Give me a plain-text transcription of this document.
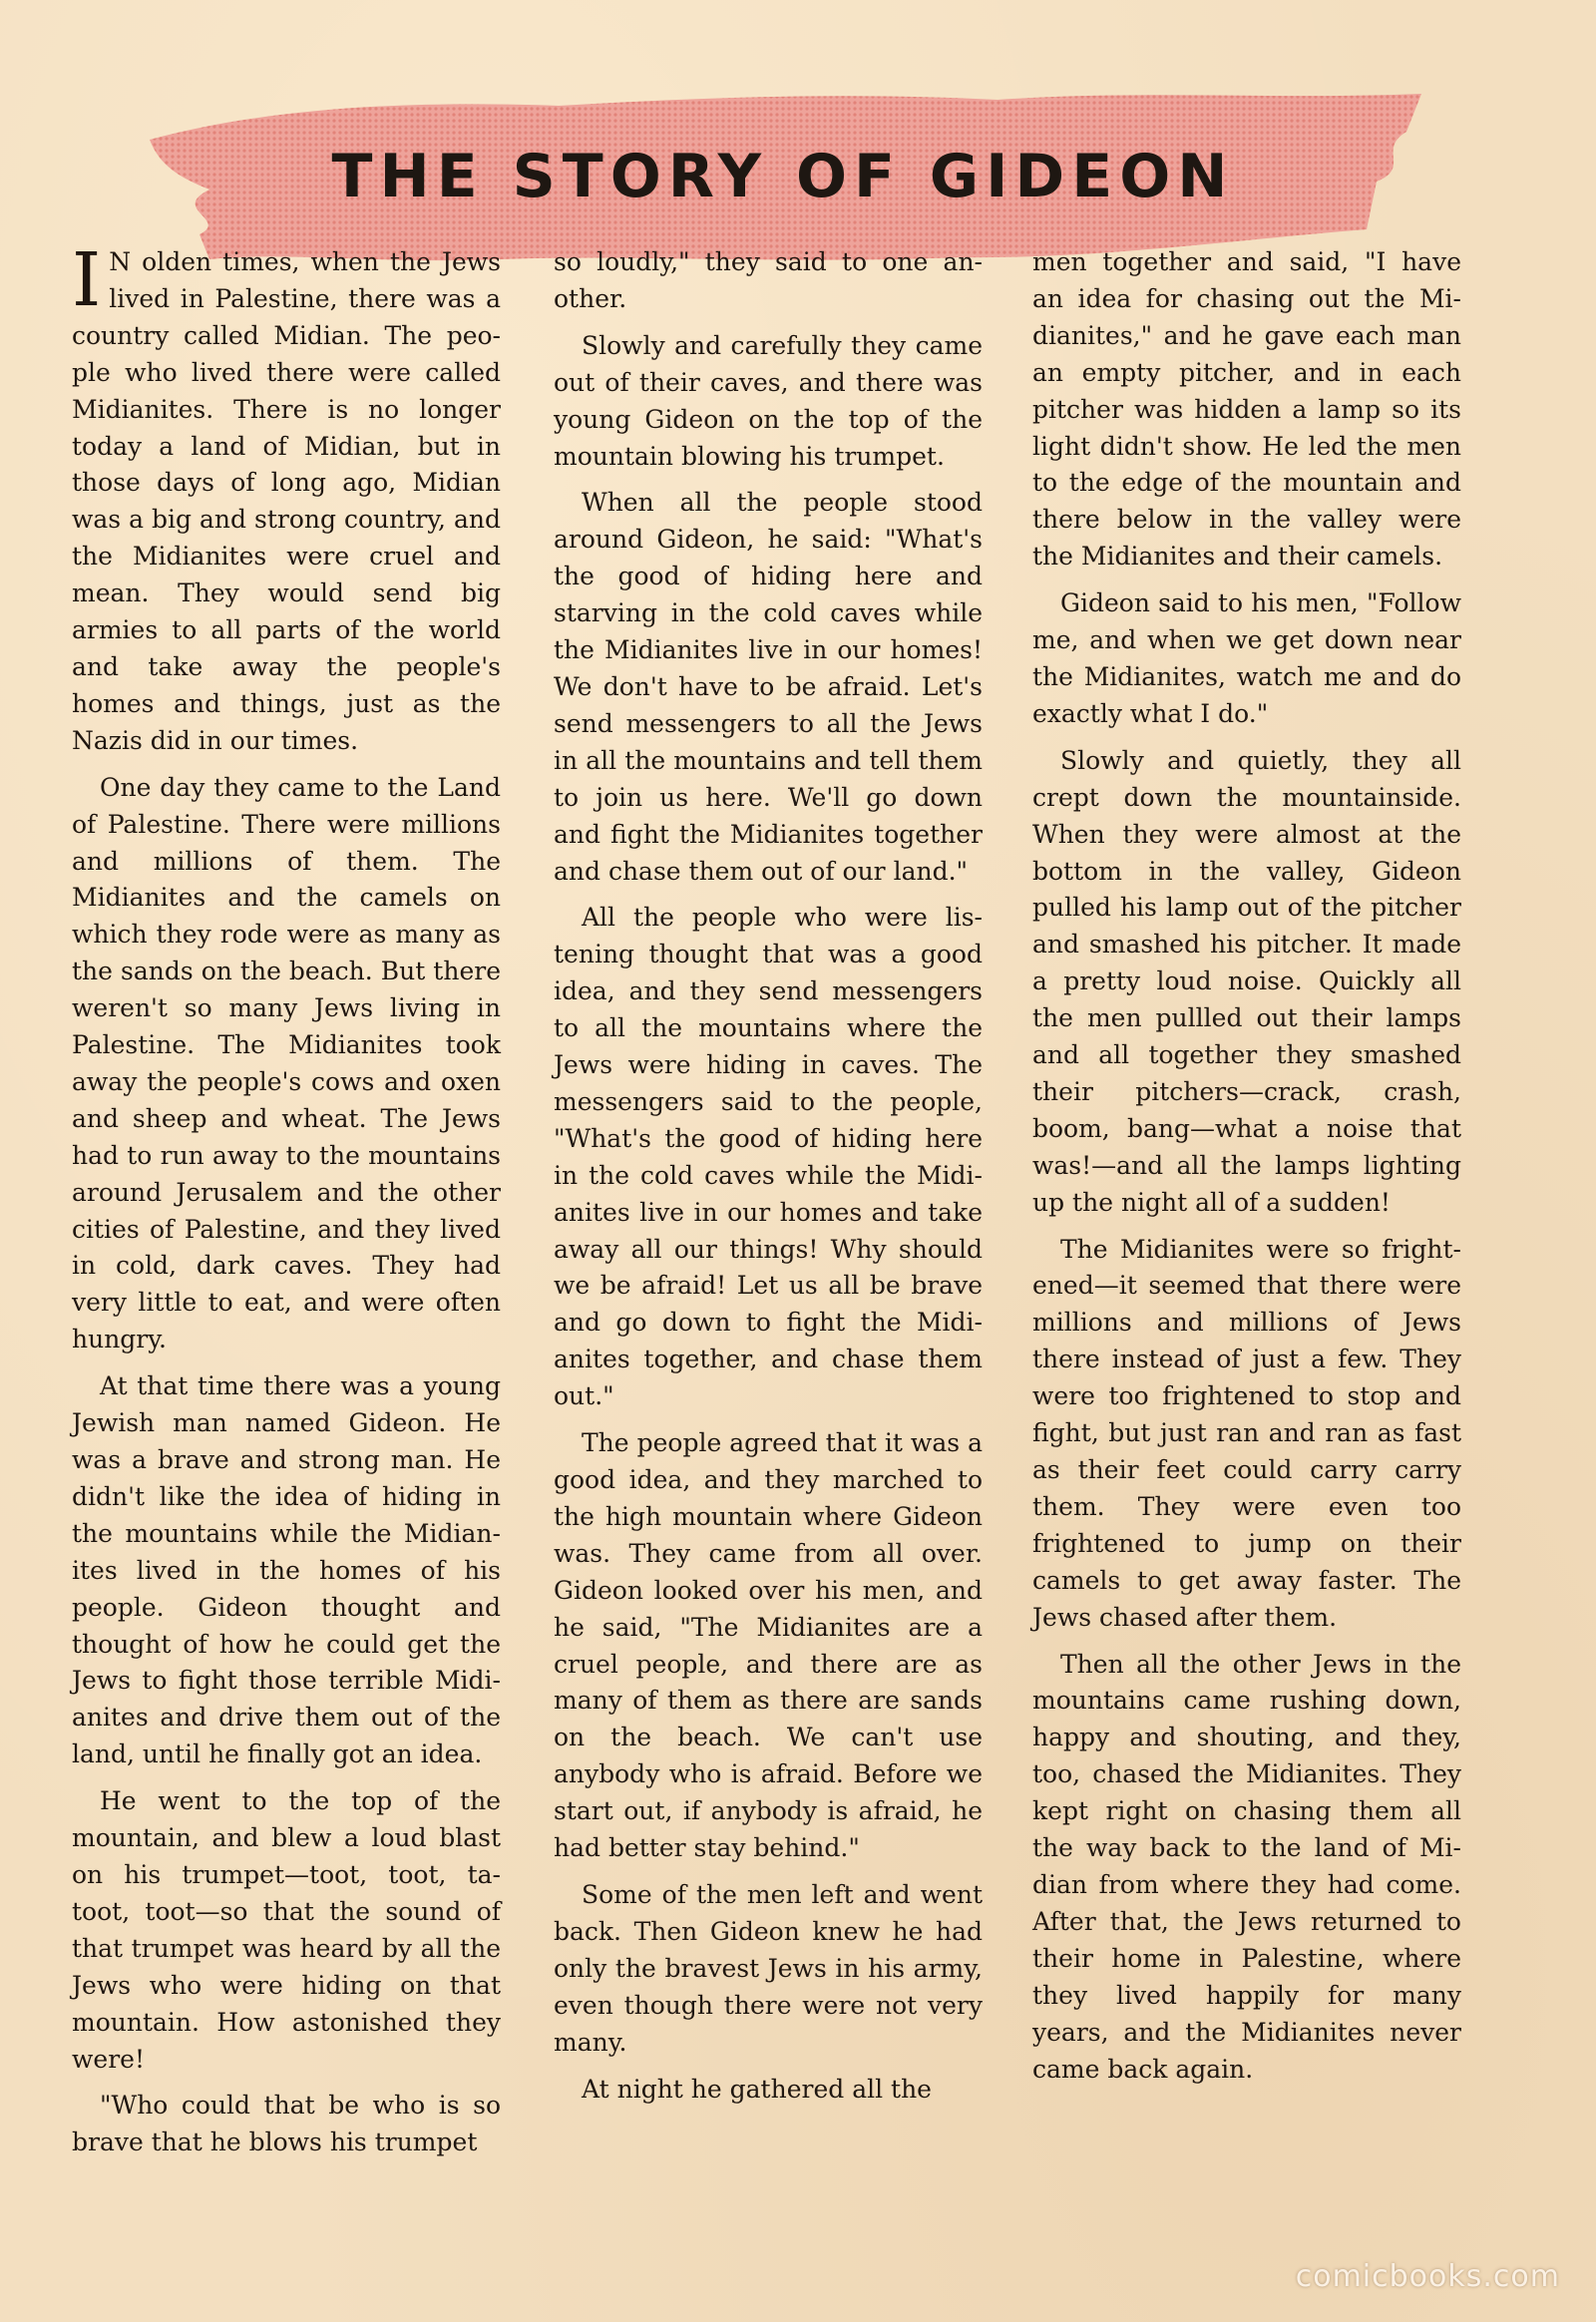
THE STORY OF GIDEON

I N olden times, when the Jews lived in Palestine, there was a country called Midian. The people who lived there were called Midianites. There is no longer today a land of Midian, but in those days of long ago, Midian was a big and strong country, and the Midianites were cruel and mean. They would send big armies to all parts of the world and take away the people's homes and things, just as the Nazis did in our times.

One day they came to the Land of Palestine. There were millions and millions of them. The Midianites and the camels on which they rode were as many as the sands on the beach. But there weren't so many Jews living in Palestine. The Midianites took away the people's cows and oxen and sheep and wheat. The Jews had to run away to the mountains around Jerusalem and the other cities of Palestine, and they lived in cold, dark caves. They had very little to eat, and were often hungry.

At that time there was a young Jewish man named Gideon. He was a brave and strong man. He didn't like the idea of hiding in the mountains while the Midianites lived in the homes of his people. Gideon thought and thought of how he could get the Jews to fight those terrible Midianites and drive them out of the land, until he finally got an idea.

He went to the top of the mountain, and blew a loud blast on his trumpet—toot, toot, ta-toot, toot—so that the sound of that trumpet was heard by all the Jews who were hiding on that mountain. How astonished they were!

"Who could that be who is so brave that he blows his trumpet

so loudly," they said to one another.

Slowly and carefully they came out of their caves, and there was young Gideon on the top of the mountain blowing his trumpet.

When all the people stood around Gideon, he said: "What's the good of hiding here and starving in the cold caves while the Midianites live in our homes! We don't have to be afraid. Let's send messengers to all the Jews in all the mountains and tell them to join us here. We'll go down and fight the Midianites together and chase them out of our land."

All the people who were listening thought that was a good idea, and they send messengers to all the mountains where the Jews were hiding in caves. The messengers said to the people, "What's the good of hiding here in the cold caves while the Midianites live in our homes and take away all our things! Why should we be afraid! Let us all be brave and go down to fight the Midianites together, and chase them out."

The people agreed that it was a good idea, and they marched to the high mountain where Gideon was. They came from all over. Gideon looked over his men, and he said, "The Midianites are a cruel people, and there are as many of them as there are sands on the beach. We can't use anybody who is afraid. Before we start out, if anybody is afraid, he had better stay behind."

Some of the men left and went back. Then Gideon knew he had only the bravest Jews in his army, even though there were not very many.

At night he gathered all the

men together and said, "I have an idea for chasing out the Midianites," and he gave each man an empty pitcher, and in each pitcher was hidden a lamp so its light didn't show. He led the men to the edge of the mountain and there below in the valley were the Midianites and their camels.

Gideon said to his men, "Follow me, and when we get down near the Midianites, watch me and do exactly what I do."

Slowly and quietly, they all crept down the mountainside. When they were almost at the bottom in the valley, Gideon pulled his lamp out of the pitcher and smashed his pitcher. It made a pretty loud noise. Quickly all the men pullled out their lamps and all together they smashed their pitchers—crack, crash, boom, bang—what a noise that was!—and all the lamps lighting up the night all of a sudden!

The Midianites were so frightened—it seemed that there were millions and millions of Jews there instead of just a few. They were too frightened to stop and fight, but just ran and ran as fast as their feet could carry carry them. They were even too frightened to jump on their camels to get away faster. The Jews chased after them.

Then all the other Jews in the mountains came rushing down, happy and shouting, and they, too, chased the Midianites. They kept right on chasing them all the way back to the land of Midian from where they had come. After that, the Jews returned to their home in Palestine, where they lived happily for many years, and the Midianites never came back again.

comicbooks.com
